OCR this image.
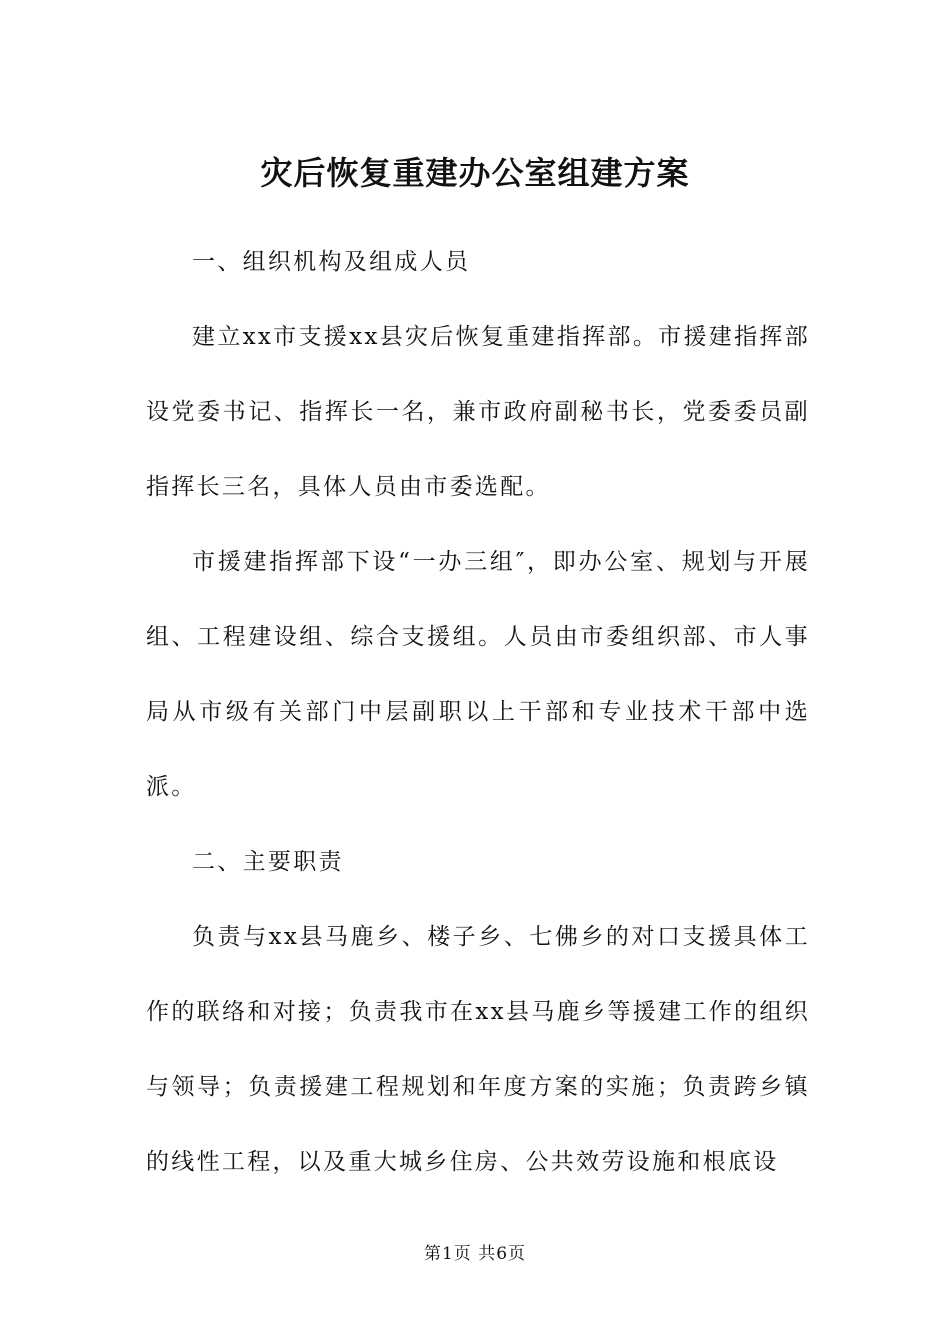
灾后恢复重建办公室组建方案

一、组织机构及组成人员

建立xx市支援xx县灾后恢复重建指挥部。市援建指挥部设党委书记、指挥长一名，兼市政府副秘书长，党委委员副指挥长三名，具体人员由市委选配。

市援建指挥部下设“一办三组″，即办公室、规划与开展组、工程建设组、综合支援组。人员由市委组织部、市人事局从市级有关部门中层副职以上干部和专业技术干部中选派。

二、主要职责

负责与xx县马鹿乡、楼子乡、七佛乡的对口支援具体工作的联络和对接；负责我市在xx县马鹿乡等援建工作的组织与领导；负责援建工程规划和年度方案的实施；负责跨乡镇的线性工程，以及重大城乡住房、公共效劳设施和根底设

第1页 共6页
